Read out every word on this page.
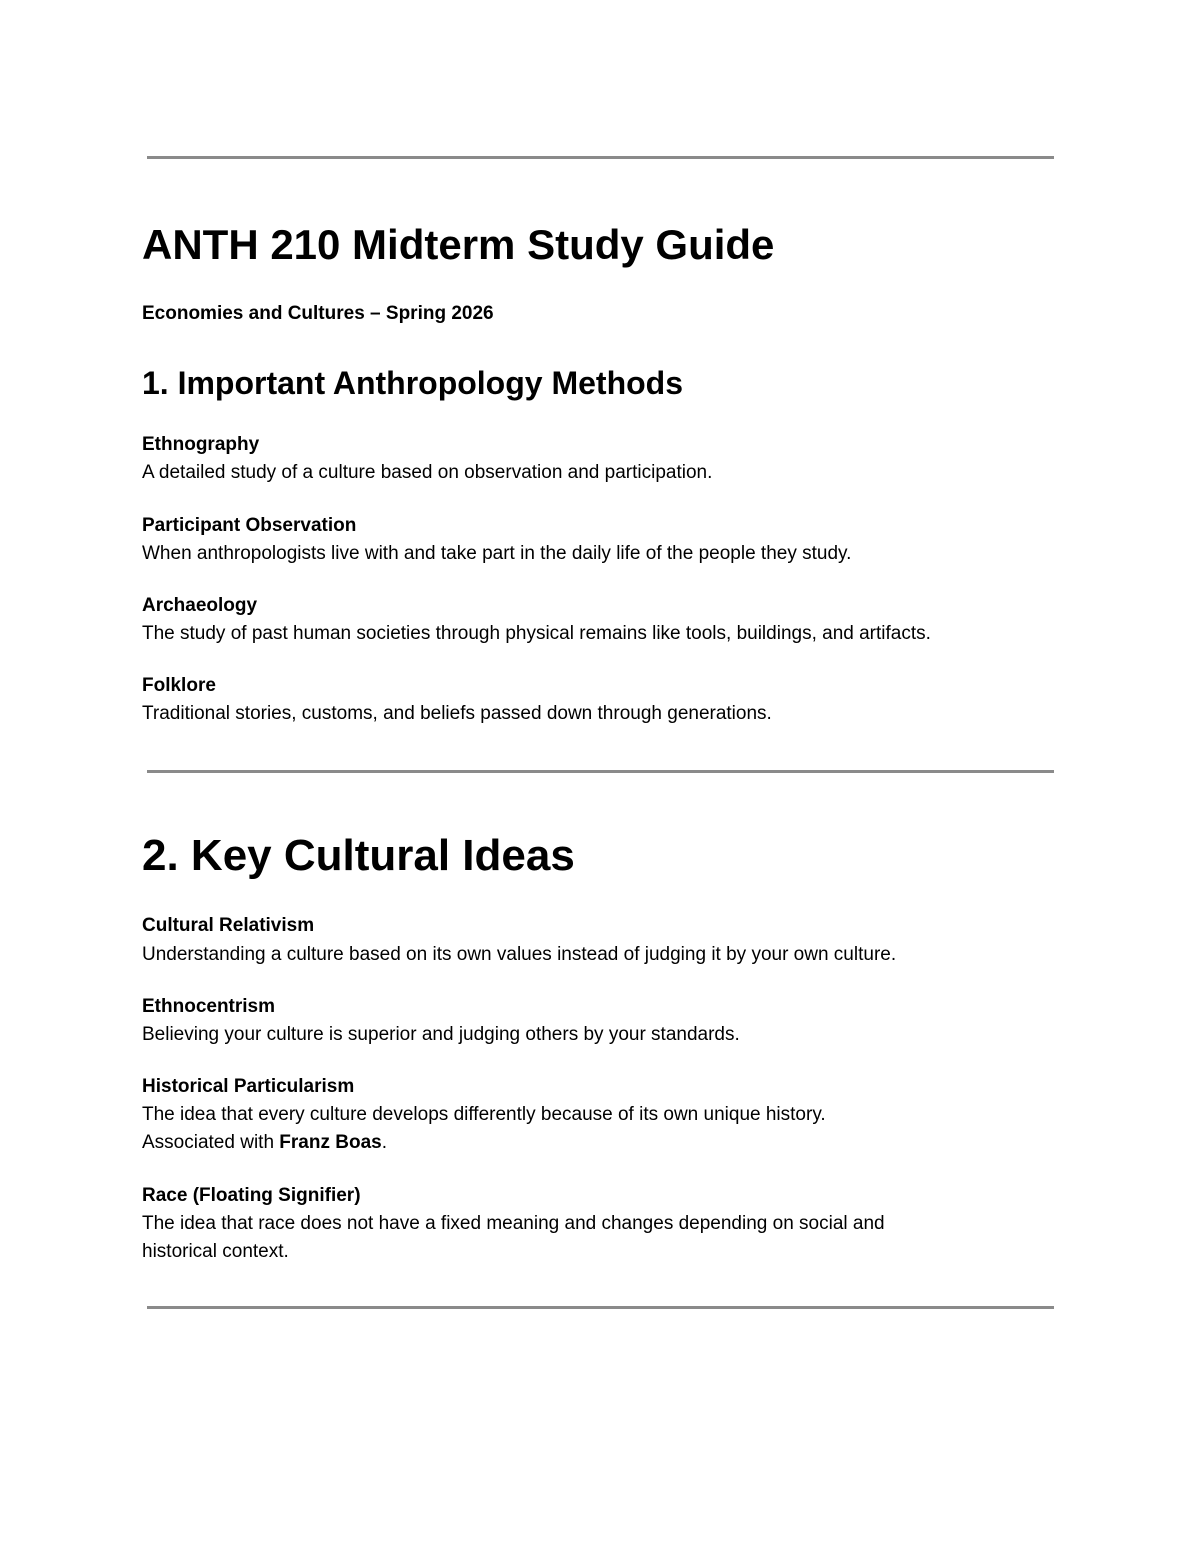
ANTH 210 Midterm Study Guide

Economies and Cultures – Spring 2026

1. Important Anthropology Methods

Ethnography

A detailed study of a culture based on observation and participation.

Participant Observation

When anthropologists live with and take part in the daily life of the people they study.

Archaeology

The study of past human societies through physical remains like tools, buildings, and artifacts.

Folklore

Traditional stories, customs, and beliefs passed down through generations.

2. Key Cultural Ideas

Cultural Relativism

Understanding a culture based on its own values instead of judging it by your own culture.

Ethnocentrism

Believing your culture is superior and judging others by your standards.

Historical Particularism

The idea that every culture develops differently because of its own unique history.

Associated with Franz Boas.

Race (Floating Signifier)

The idea that race does not have a fixed meaning and changes depending on social and

historical context.
